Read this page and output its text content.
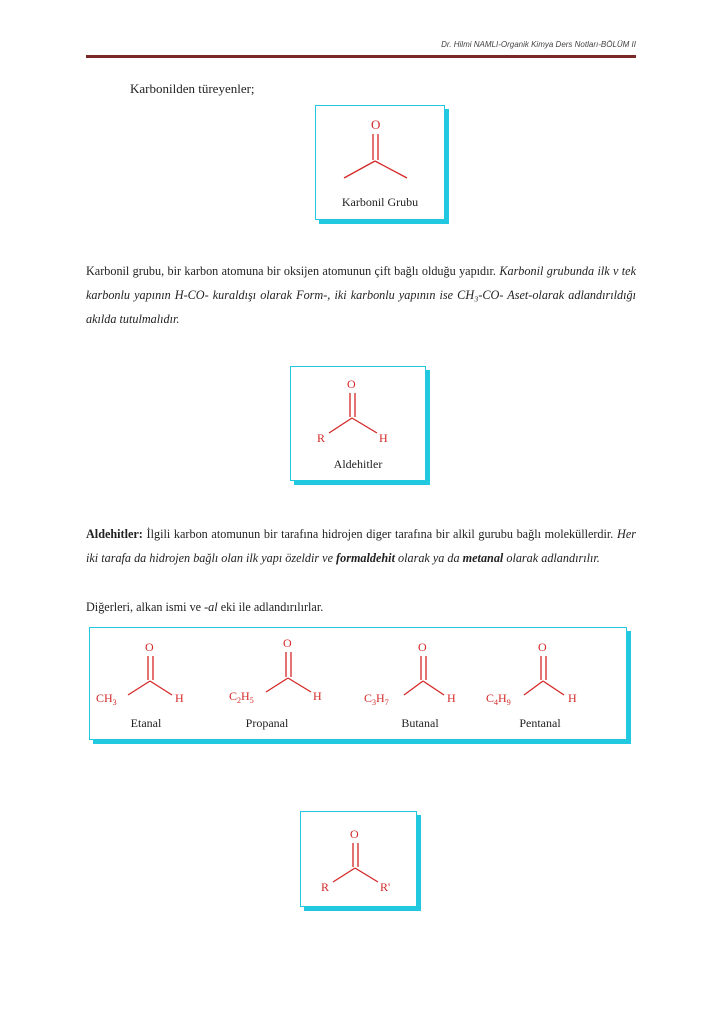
Dr. Hilmi NAMLI-Organik Kimya Ders Notları-BÖLÜM II
Karbonilden türeyenler;
O
Karbonil Grubu
Karbonil grubu, bir karbon atomuna bir oksijen atomunun çift bağlı olduğu yapıdır. Karbonil grubunda ilk v tek karbonlu yapının H-CO- kuraldışı olarak Form-, iki karbonlu yapının ise CH₃-CO- Aset-olarak adlandırıldığı akılda tutulmalıdır.
O
R	H
Aldehitler
Aldehitler: İlgili karbon atomunun bir tarafına hidrojen diger tarafına bir alkil gurubu bağlı moleküllerdir. Her iki tarafa da hidrojen bağlı olan ilk yapı özeldir ve formaldehit olarak ya da metanal olarak adlandırılır.
Diğerleri, alkan ismi ve -al eki ile adlandırılırlar.
O
$CH_3$	H
Etanal
O
$C_2H_5$	H
Propanal
O
$C_3H_7$	H
Butanal
O
$C_4H_9$	H
Pentanal
O
R	R'
